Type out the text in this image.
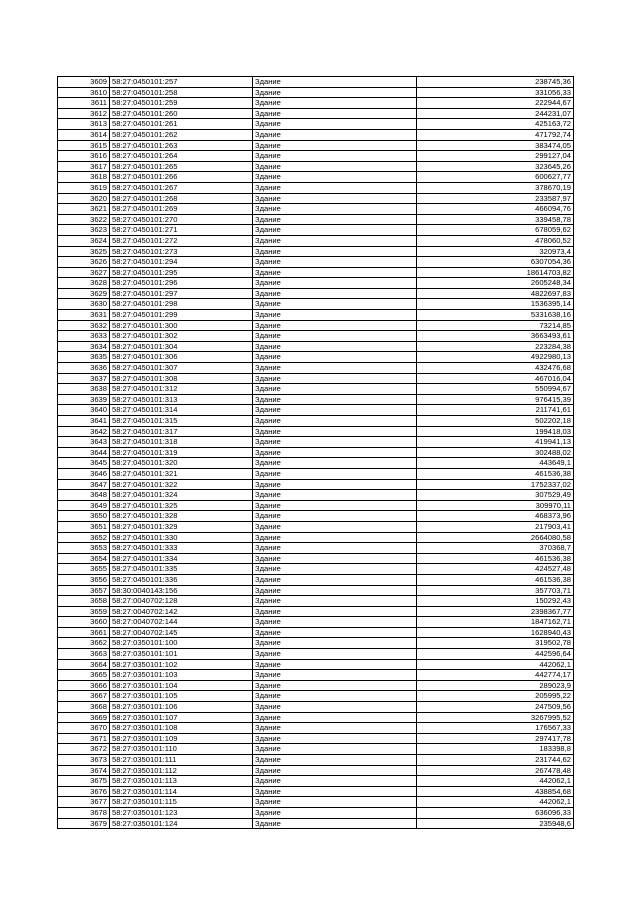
3609	58:27:0450101:257	Здание	238745,36
3610	58:27:0450101:258	Здание	331056,33
3611	58:27:0450101:259	Здание	222944,67
3612	58:27:0450101:260	Здание	244231,07
3613	58:27:0450101:261	Здание	425163,72
3614	58:27:0450101:262	Здание	471792,74
3615	58:27:0450101:263	Здание	383474,05
3616	58:27:0450101:264	Здание	299127,04
3617	58:27:0450101:265	Здание	323645,26
3618	58:27:0450101:266	Здание	600627,77
3619	58:27:0450101:267	Здание	378670,19
3620	58:27:0450101:268	Здание	233587,97
3621	58:27:0450101:269	Здание	466094,76
3622	58:27:0450101:270	Здание	339458,78
3623	58:27:0450101:271	Здание	678059,62
3624	58:27:0450101:272	Здание	478060,52
3625	58:27:0450101:273	Здание	320973,4
3626	58:27:0450101:294	Здание	6307054,36
3627	58:27:0450101:295	Здание	18614703,82
3628	58:27:0450101:296	Здание	2605248,34
3629	58:27:0450101:297	Здание	4822697,83
3630	58:27:0450101:298	Здание	1536395,14
3631	58:27:0450101:299	Здание	5331638,16
3632	58:27:0450101:300	Здание	73214,85
3633	58:27:0450101:302	Здание	3663493,61
3634	58:27:0450101:304	Здание	223284,38
3635	58:27:0450101:306	Здание	4922980,13
3636	58:27:0450101:307	Здание	432476,68
3637	58:27:0450101:308	Здание	467016,04
3638	58:27:0450101:312	Здание	550994,67
3639	58:27:0450101:313	Здание	976415,39
3640	58:27:0450101:314	Здание	211741,61
3641	58:27:0450101:315	Здание	502202,18
3642	58:27:0450101:317	Здание	199418,03
3643	58:27:0450101:318	Здание	419941,13
3644	58:27:0450101:319	Здание	302488,02
3645	58:27:0450101:320	Здание	443649,1
3646	58:27:0450101:321	Здание	461536,38
3647	58:27:0450101:322	Здание	1752337,02
3648	58:27:0450101:324	Здание	307529,49
3649	58:27:0450101:325	Здание	309970,11
3650	58:27:0450101:328	Здание	468373,96
3651	58:27:0450101:329	Здание	217903,41
3652	58:27:0450101:330	Здание	2664080,58
3653	58:27:0450101:333	Здание	370368,7
3654	58:27:0450101:334	Здание	461536,38
3655	58:27:0450101:335	Здание	424527,48
3656	58:27:0450101:336	Здание	461536,38
3657	58:30:0040143:156	Здание	357703,71
3658	58:27:0040702:128	Здание	150292,43
3659	58:27:0040702:142	Здание	2398367,77
3660	58:27:0040702:144	Здание	1847162,71
3661	58:27:0040702:145	Здание	1628940,43
3662	58:27:0350101:100	Здание	319502,78
3663	58:27:0350101:101	Здание	442596,64
3664	58:27:0350101:102	Здание	442062,1
3665	58:27:0350101:103	Здание	442774,17
3666	58:27:0350101:104	Здание	289023,9
3667	58:27:0350101:105	Здание	205995,22
3668	58:27:0350101:106	Здание	247509,56
3669	58:27:0350101:107	Здание	3267995,52
3670	58:27:0350101:108	Здание	176567,33
3671	58:27:0350101:109	Здание	297417,78
3672	58:27:0350101:110	Здание	183398,8
3673	58:27:0350101:111	Здание	231744,62
3674	58:27:0350101:112	Здание	267478,48
3675	58:27:0350101:113	Здание	442062,1
3676	58:27:0350101:114	Здание	438854,68
3677	58:27:0350101:115	Здание	442062,1
3678	58:27:0350101:123	Здание	636096,33
3679	58:27:0350101:124	Здание	235948,6
